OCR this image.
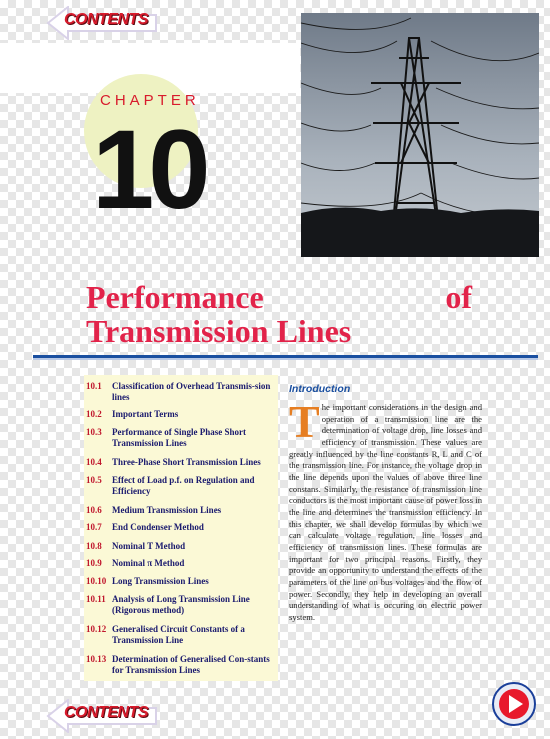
CONTENTS
CHAPTER
10
Performance of Transmission Lines
10.1 Classification of Overhead Transmis-sion lines
10.2 Important Terms
10.3 Performance of Single Phase Short Transmission Lines
10.4 Three-Phase Short Transmission Lines
10.5 Effect of Load p.f. on Regulation and Efficiency
10.6 Medium Transmission Lines
10.7 End Condenser Method
10.8 Nominal T Method
10.9 Nominal π Method
10.10 Long Transmission Lines
10.11 Analysis of Long Transmission Line (Rigorous method)
10.12 Generalised Circuit Constants of a Transmission Line
10.13 Determination of Generalised Con-stants for Transmission Lines
Introduction

The important considerations in the design and operation of a transmission line are the determination of voltage drop, line losses and efficiency of transmission. These values are greatly influenced by the line constants R, L and C of the transmission line. For instance, the voltage drop in the line depends upon the values of above three line constans. Similarly, the resistance of transmission line conductors is the most important cause of power loss in the line and determines the transmission efficiency. In this chapter, we shall develop formulas by which we can calculate voltage regulation, line losses and efficiency of transmission lines. These formulas are important for two principal reasons. Firstly, they provide an opportunity to understand the effects of the parameters of the line on bus voltages and the flow of power. Secondly, they help in developing an overall understanding of what is occuring on electric power system.

CONTENTS
